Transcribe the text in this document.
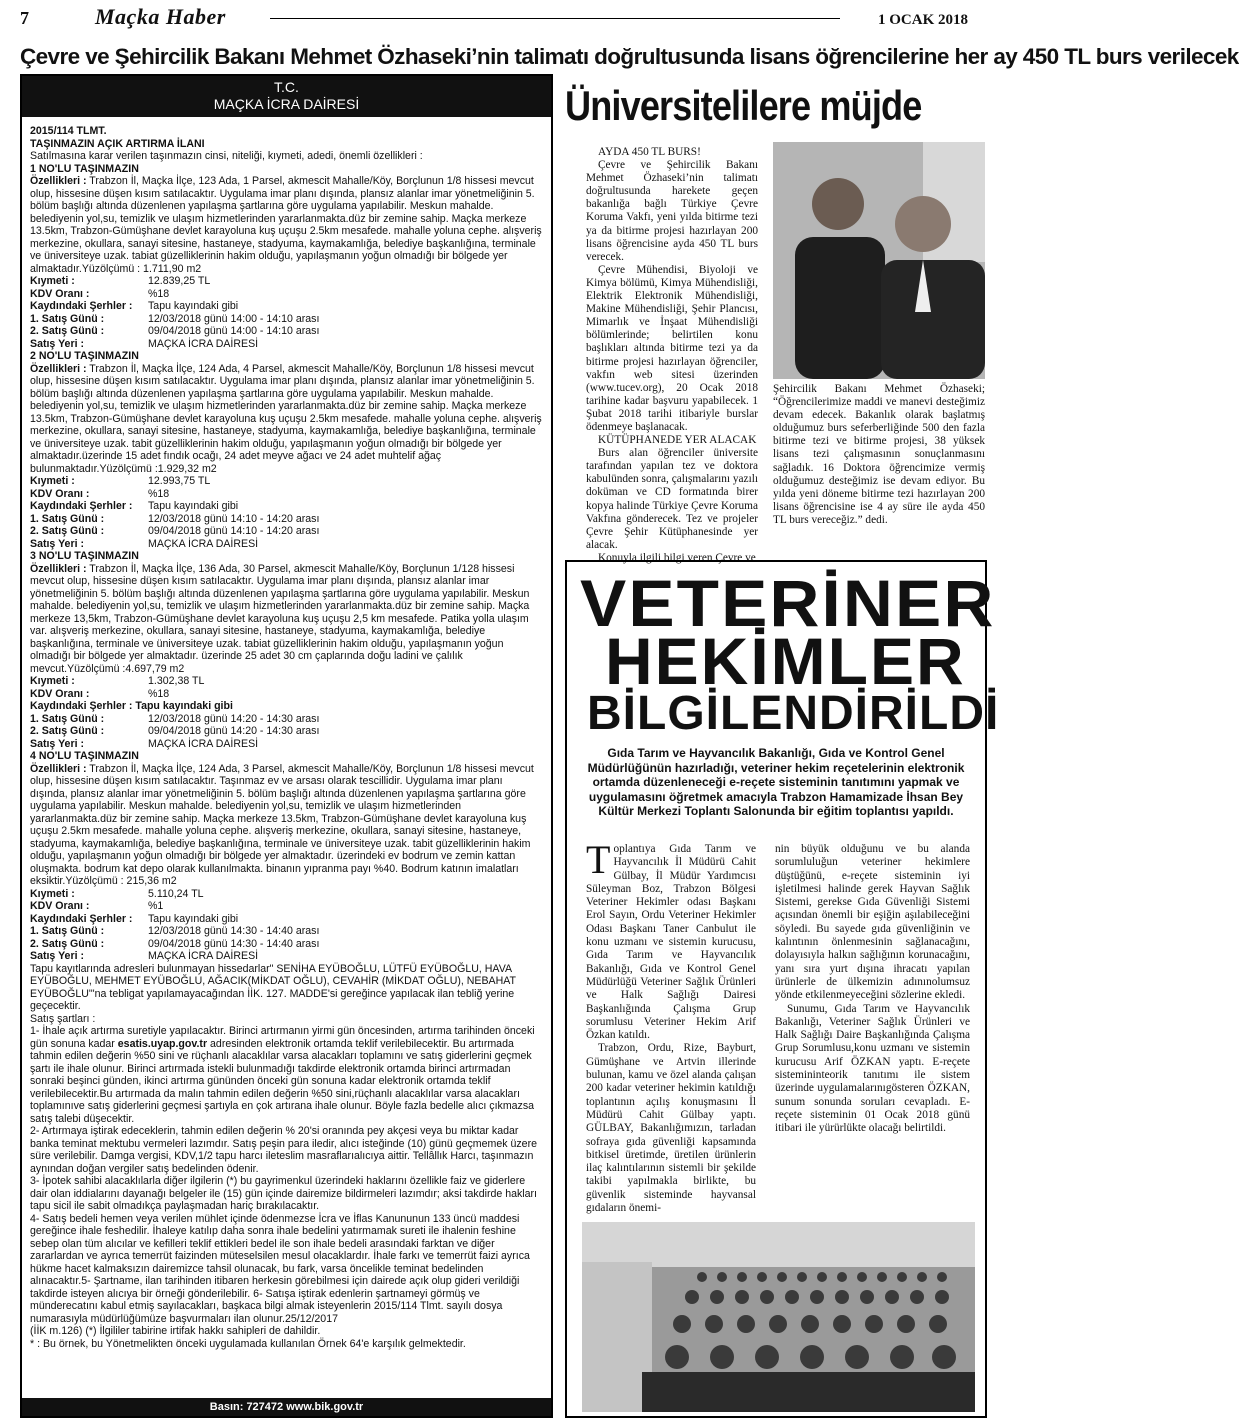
7	Maçka Haber	1 OCAK 2018
Çevre ve Şehircilik Bakanı Mehmet Özhaseki’nin talimatı doğrultusunda lisans öğrencilerine her ay 450 TL burs verilecek
T.C.
MAÇKA İCRA DAİRESİ

2015/114 TLMT.

TAŞINMAZIN AÇIK ARTIRMA İLANI

Satılmasına karar verilen taşınmazın cinsi, niteliği, kıymeti, adedi, önemli özellikleri :

1 NO'LU TAŞINMAZIN

Özellikleri : Trabzon İl, Maçka İlçe, 123 Ada, 1 Parsel, akmescit Mahalle/Köy, Borçlunun 1/8 hissesi mevcut olup, hissesine düşen kısım satılacaktır. Uygulama imar planı dışında, plansız alanlar imar yönetmeliğinin 5. bölüm başlığı altında düzenlenen yapılaşma şartlarına göre uygulama yapılabilir. Meskun mahalde. belediyenin yol,su, temizlik ve ulaşım hizmetlerinden yararlanmakta.düz bir zemine sahip. Maçka merkeze 13.5km, Trabzon-Gümüşhane devlet karayoluna kuş uçuşu 2.5km mesafede. mahalle yoluna cephe. alışveriş merkezine, okullara, sanayi sitesine, hastaneye, stadyuma, kaymakamlığa, belediye başkanlığına, terminale ve üniversiteye uzak. tabiat güzelliklerinin hakim olduğu, yapılaşmanın yoğun olmadığı bir bölgede yer almaktadır.Yüzölçümü : 1.711,90 m2

Kıymeti :	12.839,25 TL
KDV Oranı :	%18
Kaydındaki Şerhler :	Tapu kayındaki gibi
1. Satış Günü :	12/03/2018 günü 14:00 - 14:10 arası
2. Satış Günü :	09/04/2018 günü 14:00 - 14:10 arası
Satış Yeri :	MAÇKA İCRA DAİRESİ

2 NO'LU TAŞINMAZIN

Özellikleri : Trabzon İl, Maçka İlçe, 124 Ada, 4 Parsel, akmescit Mahalle/Köy, Borçlunun 1/8 hissesi mevcut olup, hissesine düşen kısım satılacaktır. Uygulama imar planı dışında, plansız alanlar imar yönetmeliğinin 5. bölüm başlığı altında düzenlenen yapılaşma şartlarına göre uygulama yapılabilir. Meskun mahalde. belediyenin yol,su, temizlik ve ulaşım hizmetlerinden yararlanmakta.düz bir zemine sahip. Maçka merkeze 13.5km, Trabzon-Gümüşhane devlet karayoluna kuş uçuşu 2.5km mesafede. mahalle yoluna cephe. alışveriş merkezine, okullara, sanayi sitesine, hastaneye, stadyuma, kaymakamlığa, belediye başkanlığına, terminale ve üniversiteye uzak. tabit güzelliklerinin hakim olduğu, yapılaşmanın yoğun olmadığı bir bölgede yer almaktadır.üzerinde 15 adet fındık ocağı, 24 adet meyve ağacı ve 24 adet muhtelif ağaç bulunmaktadır.Yüzölçümü :1.929,32 m2

Kıymeti :	12.993,75 TL
KDV Oranı :	%18
Kaydındaki Şerhler :	Tapu kayındaki gibi
1. Satış Günü :	12/03/2018 günü 14:10 - 14:20 arası
2. Satış Günü :	09/04/2018 günü 14:10 - 14:20 arası
Satış Yeri :	MAÇKA İCRA DAİRESİ

3 NO'LU TAŞINMAZIN

Özellikleri : Trabzon İl, Maçka İlçe, 136 Ada, 30 Parsel, akmescit Mahalle/Köy, Borçlunun 1/128 hissesi mevcut olup, hissesine düşen kısım satılacaktır. Uygulama imar planı dışında, plansız alanlar imar yönetmeliğinin 5. bölüm başlığı altında düzenlenen yapılaşma şartlarına göre uygulama yapılabilir. Meskun mahalde. belediyenin yol,su, temizlik ve ulaşım hizmetlerinden yararlanmakta.düz bir zemine sahip. Maçka merkeze 13,5km, Trabzon-Gümüşhane devlet karayoluna kuş uçuşu 2,5 km mesafede. Patika yolla ulaşım var. alışveriş merkezine, okullara, sanayi sitesine, hastaneye, stadyuma, kaymakamlığa, belediye başkanlığına, terminale ve üniversiteye uzak. tabiat güzelliklerinin hakim olduğu, yapılaşmanın yoğun olmadığı bir bölgede yer almaktadır. üzerinde 25 adet 30 cm çaplarında doğu ladini ve çalılık mevcut.Yüzölçümü :4.697,79 m2

Kıymeti :	1.302,38 TL
KDV Oranı :	%18

Kaydındaki Şerhler : Tapu kayındaki gibi

1. Satış Günü :	12/03/2018 günü 14:20 - 14:30 arası
2. Satış Günü :	09/04/2018 günü 14:20 - 14:30 arası
Satış Yeri :	MAÇKA İCRA DAİRESİ

4 NO'LU TAŞINMAZIN

Özellikleri : Trabzon İl, Maçka İlçe, 124 Ada, 3 Parsel, akmescit Mahalle/Köy, Borçlunun 1/8 hissesi mevcut olup, hissesine düşen kısım satılacaktır. Taşınmaz ev ve arsası olarak tescillidir. Uygulama imar planı dışında, plansız alanlar imar yönetmeliğinin 5. bölüm başlığı altında düzenlenen yapılaşma şartlarına göre uygulama yapılabilir. Meskun mahalde. belediyenin yol,su, temizlik ve ulaşım hizmetlerinden yararlanmakta.düz bir zemine sahip. Maçka merkeze 13.5km, Trabzon-Gümüşhane devlet karayoluna kuş uçuşu 2.5km mesafede. mahalle yoluna cephe. alışveriş merkezine, okullara, sanayi sitesine, hastaneye, stadyuma, kaymakamlığa, belediye başkanlığına, terminale ve üniversiteye uzak. tabit güzelliklerinin hakim olduğu, yapılaşmanın yoğun olmadığı bir bölgede yer almaktadır. üzerindeki ev bodrum ve zemin kattan oluşmakta. bodrum kat depo olarak kullanılmakta. binanın yıpranma payı %40. Bodrum katının imalatları eksiktir.Yüzölçümü : 215,36 m2

Kıymeti :	5.110,24 TL
KDV Oranı :	%1
Kaydındaki Şerhler :	Tapu kayındaki gibi
1. Satış Günü :	12/03/2018 günü 14:30 - 14:40 arası
2. Satış Günü :	09/04/2018 günü 14:30 - 14:40 arası
Satış Yeri :	MAÇKA İCRA DAİRESİ

Tapu kayıtlarında adresleri bulunmayan hissedarlar" SENİHA EYÜBOĞLU, LÜTFÜ EYÜBOĞLU, HAVA EYÜBOĞLU, MEHMET EYÜBOĞLU, AĞACIK(MİKDAT OĞLU), CEVAHİR (MİKDAT OĞLU), NEBAHAT EYÜBOĞLU"'na tebligat yapılamayacağından İİK. 127. MADDE'si gereğince yapılacak ilan tebliğ yerine geçecektir.

Satış şartları :

1- İhale açık artırma suretiyle yapılacaktır. Birinci artırmanın yirmi gün öncesinden, artırma tarihinden önceki gün sonuna kadar esatis.uyap.gov.tr adresinden elektronik ortamda teklif verilebilecektir. Bu artırmada tahmin edilen değerin %50 sini ve rüçhanlı alacaklılar varsa alacakları toplamını ve satış giderlerini geçmek şartı ile ihale olunur. Birinci artırmada istekli bulunmadığı takdirde elektronik ortamda birinci artırmadan sonraki beşinci günden, ikinci artırma gününden önceki gün sonuna kadar elektronik ortamda teklif verilebilecektir.Bu artırmada da malın tahmin edilen değerin %50 sini,rüçhanlı alacaklılar varsa alacakları toplamınıve satış giderlerini geçmesi şartıyla en çok artırana ihale olunur. Böyle fazla bedelle alıcı çıkmazsa satış talebi düşecektir.

2- Artırmaya iştirak edeceklerin, tahmin edilen değerin % 20'si oranında pey akçesi veya bu miktar kadar banka teminat mektubu vermeleri lazımdır. Satış peşin para iledir, alıcı isteğinde (10) günü geçmemek üzere süre verilebilir. Damga vergisi, KDV,1/2 tapu harcı ileteslim masraflarıalıcıya aittir. Tellâllık Harcı, taşınmazın aynından doğan vergiler satış bedelinden ödenir.

3- İpotek sahibi alacaklılarla diğer ilgilerin (*) bu gayrimenkul üzerindeki haklarını özellikle faiz ve giderlere dair olan iddialarını dayanağı belgeler ile (15) gün içinde dairemize bildirmeleri lazımdır; aksi takdirde hakları tapu sicil ile sabit olmadıkça paylaşmadan hariç bırakılacaktır.

4- Satış bedeli hemen veya verilen mühlet içinde ödenmezse İcra ve İflas Kanununun 133 üncü maddesi gereğince ihale feshedilir. İhaleye katılıp daha sonra ihale bedelini yatırmamak sureti ile ihalenin feshine sebep olan tüm alıcılar ve kefilleri teklif ettikleri bedel ile son ihale bedeli arasındaki farktan ve diğer zararlardan ve ayrıca temerrüt faizinden müteselsilen mesul olacaklardır. İhale farkı ve temerrüt faizi ayrıca hükme hacet kalmaksızın dairemizce tahsil olunacak, bu fark, varsa öncelikle teminat bedelinden alınacaktır.5- Şartname, ilan tarihinden itibaren herkesin görebilmesi için dairede açık olup gideri verildiği takdirde isteyen alıcıya bir örneği gönderilebilir. 6- Satışa iştirak edenlerin şartnameyi görmüş ve münderecatını kabul etmiş sayılacakları, başkaca bilgi almak isteyenlerin 2015/114 Tlmt. sayılı dosya numarasıyla müdürlüğümüze başvurmaları ilan olunur.25/12/2017

(İİK m.126) (*) İlgililer tabirine irtifak hakkı sahipleri de dahildir.

* : Bu örnek, bu Yönetmelikten önceki uygulamada kullanılan Örnek 64'e karşılık gelmektedir.

Basın: 727472 www.bik.gov.tr
Üniversitelilere müjde

AYDA 450 TL BURS!

Çevre ve Şehircilik Bakanı Mehmet Özhaseki’nin talimatı doğrultusunda harekete geçen bakanlığa bağlı Türkiye Çevre Koruma Vakfı, yeni yılda bitirme tezi ya da bitirme projesi hazırlayan 200 lisans öğrencisine ayda 450 TL burs verecek.

Çevre Mühendisi, Biyoloji ve Kimya bölümü, Kimya Mühendisliği, Elektrik Elektronik Mühendisliği, Makine Mühendisliği, Şehir Plancısı, Mimarlık ve İnşaat Mühendisliği bölümlerinde; belirtilen konu başlıkları altında bitirme tezi ya da bitirme projesi hazırlayan öğrenciler, vakfın web sitesi üzerinden (www.tucev.org), 20 Ocak 2018 tarihine kadar başvuru yapabilecek. 1 Şubat 2018 tarihi itibariyle burslar ödenmeye başlanacak.

KÜTÜPHANEDE YER ALACAK

Burs alan öğrenciler üniversite tarafından yapılan tez ve doktora kabulünden sonra, çalışmalarını yazılı doküman ve CD formatında birer kopya halinde Türkiye Çevre Koruma Vakfına gönderecek. Tez ve projeler Çevre Şehir Kütüphanesinde yer alacak.

Konuyla ilgili bilgi veren Çevre ve

Şehircilik Bakanı Mehmet Özhaseki; “Öğrencilerimize maddi ve manevi desteğimiz devam edecek. Bakanlık olarak başlatmış olduğumuz burs seferberliğinde 500 den fazla bitirme tezi ve bitirme projesi, 38 yüksek lisans tezi çalışmasının sonuçlanmasını sağladık. 16 Doktora öğrencimize vermiş olduğumuz desteğimiz ise devam ediyor. Bu yılda yeni döneme bitirme tezi hazırlayan 200 lisans öğrencisine ise 4 ay süre ile ayda 450 TL burs vereceğiz.” dedi.

VETERİNER
HEKİMLER
BİLGİLENDİRİLDİ
Gıda Tarım ve Hayvancılık Bakanlığı, Gıda ve Kontrol Genel Müdürlüğünün hazırladığı, veteriner hekim reçetelerinin elektronik ortamda düzenleneceği e-reçete sisteminin tanıtımını yapmak ve uygulamasını öğretmek amacıyla Trabzon Hamamizade İhsan Bey Kültür Merkezi Toplantı Salonunda bir eğitim toplantısı yapıldı.

Toplantıya Gıda Tarım ve Hayvancılık İl Müdürü Cahit Gülbay, İl Müdür Yardımcısı Süleyman Boz, Trabzon Bölgesi Veteriner Hekimler odası Başkanı Erol Sayın, Ordu Veteriner Hekimler Odası Başkanı Taner Canbulut ile konu uzmanı ve sistemin kurucusu, Gıda Tarım ve Hayvancılık Bakanlığı, Gıda ve Kontrol Genel Müdürlüğü Veteriner Sağlık Ürünleri ve Halk Sağlığı Dairesi Başkanlığında Çalışma Grup sorumlusu Veteriner Hekim Arif Özkan katıldı.

Trabzon, Ordu, Rize, Bayburt, Gümüşhane ve Artvin illerinde bulunan, kamu ve özel alanda çalışan 200 kadar veteriner hekimin katıldığı toplantının açılış konuşmasını İl Müdürü Cahit Gülbay yaptı. GÜLBAY, Bakanlığımızın, tarladan sofraya gıda güvenliği kapsamında bitkisel üretimde, üretilen ürünlerin ilaç kalıntılarının sistemli bir şekilde takibi yapılmakla birlikte, bu güvenlik sisteminde hayvansal gıdaların önemi-

nin büyük olduğunu ve bu alanda sorumluluğun veteriner hekimlere düştüğünü, e-reçete sisteminin iyi işletilmesi halinde gerek Hayvan Sağlık Sistemi, gerekse Gıda Güvenliği Sistemi açısından önemli bir eşiğin aşılabileceğini söyledi. Bu sayede gıda güvenliğinin ve kalıntının önlenmesinin sağlanacağını, dolayısıyla halkın sağlığının korunacağını, yanı sıra yurt dışına ihracatı yapılan ürünlerle de ülkemizin adınınolumsuz yönde etkilenmeyeceğini sözlerine ekledi.

Sunumu, Gıda Tarım ve Hayvancılık Bakanlığı, Veteriner Sağlık Ürünleri ve Halk Sağlığı Daire Başkanlığında Çalışma Grup Sorumlusu,konu uzmanı ve sistemin kurucusu Arif ÖZKAN yaptı. E-reçete sistemininteorik tanıtımı ile sistem üzerinde uygulamalarınıgösteren ÖZKAN, sunum sonunda soruları cevapladı. E-reçete sisteminin 01 Ocak 2018 günü itibari ile yürürlükte olacağı belirtildi.
